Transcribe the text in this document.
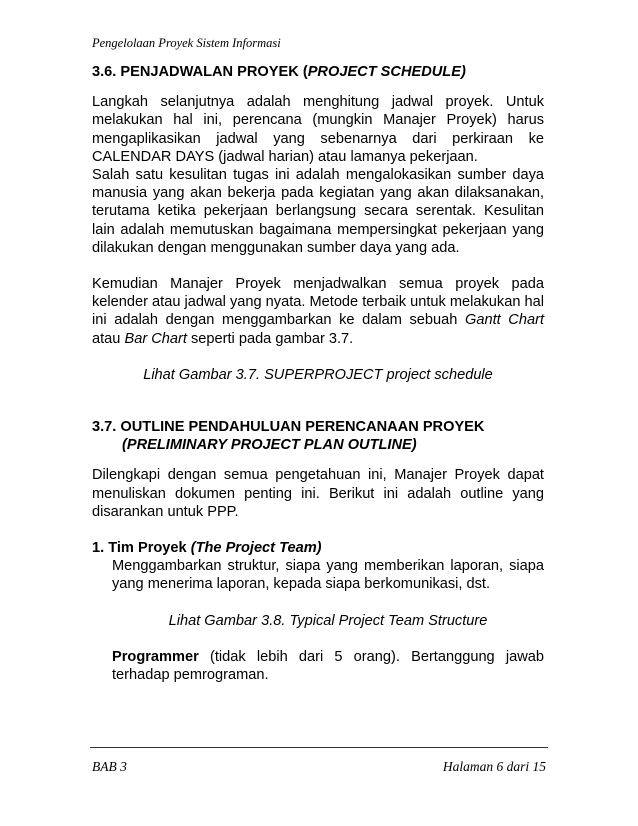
Pengelolaan Proyek Sistem Informasi
3.6. PENJADWALAN PROYEK (PROJECT SCHEDULE)

Langkah selanjutnya adalah menghitung jadwal proyek. Untuk melakukan hal ini, perencana (mungkin Manajer Proyek) harus mengaplikasikan jadwal yang sebenarnya dari perkiraan ke CALENDAR DAYS (jadwal harian) atau lamanya pekerjaan.

Salah satu kesulitan tugas ini adalah mengalokasikan sumber daya manusia yang akan bekerja pada kegiatan yang akan dilaksanakan, terutama ketika pekerjaan berlangsung secara serentak. Kesulitan lain adalah memutuskan bagaimana mempersingkat pekerjaan yang dilakukan dengan menggunakan sumber daya yang ada.

Kemudian Manajer Proyek menjadwalkan semua proyek pada kelender atau jadwal yang nyata. Metode terbaik untuk melakukan hal ini adalah dengan menggambarkan ke dalam sebuah Gantt Chart atau Bar Chart seperti pada gambar 3.7.

Lihat Gambar 3.7. SUPERPROJECT project schedule

3.7. OUTLINE PENDAHULUAN PERENCANAAN PROYEK
(PRELIMINARY PROJECT PLAN OUTLINE)

Dilengkapi dengan semua pengetahuan ini, Manajer Proyek dapat menuliskan dokumen penting ini. Berikut ini adalah outline yang disarankan untuk PPP.

1. Tim Proyek (The Project Team)

Menggambarkan struktur, siapa yang memberikan laporan, siapa yang menerima laporan, kepada siapa berkomunikasi, dst.

Lihat Gambar 3.8. Typical Project Team Structure

Programmer (tidak lebih dari 5 orang). Bertanggung jawab terhadap pemrograman.

BAB 3	Halaman 6 dari 15
